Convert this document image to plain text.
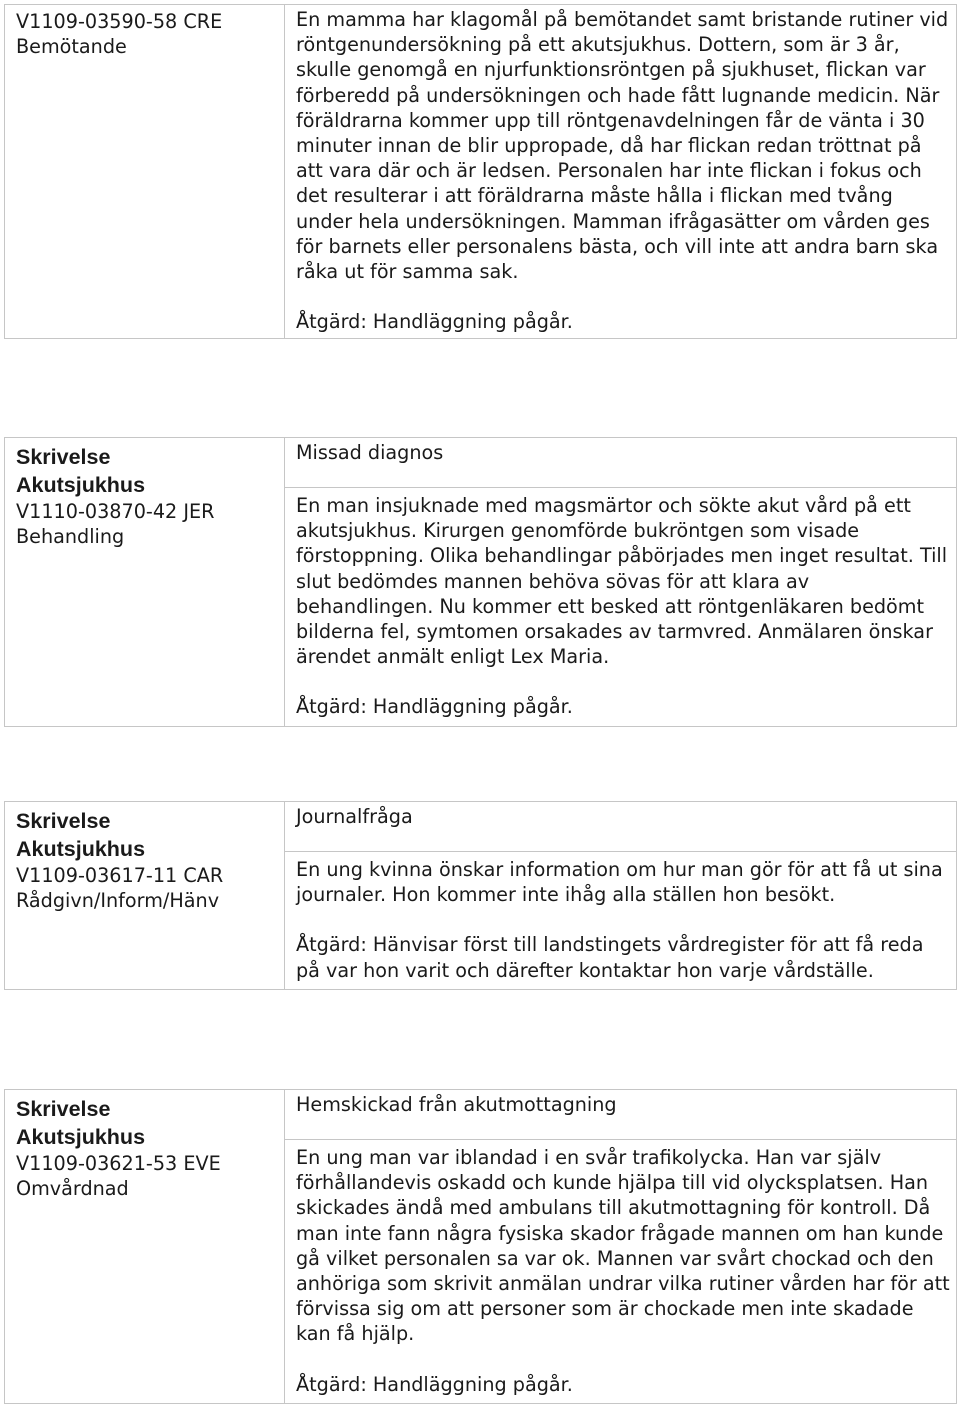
V1109-03590-58 CRE
Bemötande

En mamma har klagomål på bemötandet samt bristande rutiner vid röntgenundersökning på ett akutsjukhus. Dottern, som är 3 år, skulle genomgå en njurfunktionsröntgen på sjukhuset, flickan var förberedd på undersökningen och hade fått lugnande medicin. När föräldrarna kommer upp till röntgenavdelningen får de vänta i 30 minuter innan de blir uppropade, då har flickan redan tröttnat på att vara där och är ledsen. Personalen har inte flickan i fokus och det resulterar i att föräldrarna måste hålla i flickan med tvång under hela undersökningen. Mamman ifrågasätter om vården ges för barnets eller personalens bästa, och vill inte att andra barn ska råka ut för samma sak.

Åtgärd: Handläggning pågår.

Skrivelse
Akutsjukhus
V1110-03870-42 JER
Behandling
	Missad diagnos

En man insjuknade med magsmärtor och sökte akut vård på ett akutsjukhus. Kirurgen genomförde bukröntgen som visade förstoppning. Olika behandlingar påbörjades men inget resultat. Till slut bedömdes mannen behöva sövas för att klara av behandlingen. Nu kommer ett besked att röntgenläkaren bedömt bilderna fel, symtomen orsakades av tarmvred. Anmälaren önskar ärendet anmält enligt Lex Maria.

Åtgärd: Handläggning pågår.

Skrivelse
Akutsjukhus
V1109-03617-11 CAR
Rådgivn/Inform/Hänv
	Journalfråga

En ung kvinna önskar information om hur man gör för att få ut sina journaler. Hon kommer inte ihåg alla ställen hon besökt.

Åtgärd: Hänvisar först till landstingets vårdregister för att få reda på var hon varit och därefter kontaktar hon varje vårdställe.

Skrivelse
Akutsjukhus
V1109-03621-53 EVE
Omvårdnad
	Hemskickad från akutmottagning

En ung man var iblandad i en svår trafikolycka. Han var själv förhållandevis oskadd och kunde hjälpa till vid olycksplatsen. Han skickades ändå med ambulans till akutmottagning för kontroll. Då man inte fann några fysiska skador frågade mannen om han kunde gå vilket personalen sa var ok. Mannen var svårt chockad och den anhöriga som skrivit anmälan undrar vilka rutiner vården har för att förvissa sig om att personer som är chockade men inte skadade kan få hjälp.

Åtgärd: Handläggning pågår.
